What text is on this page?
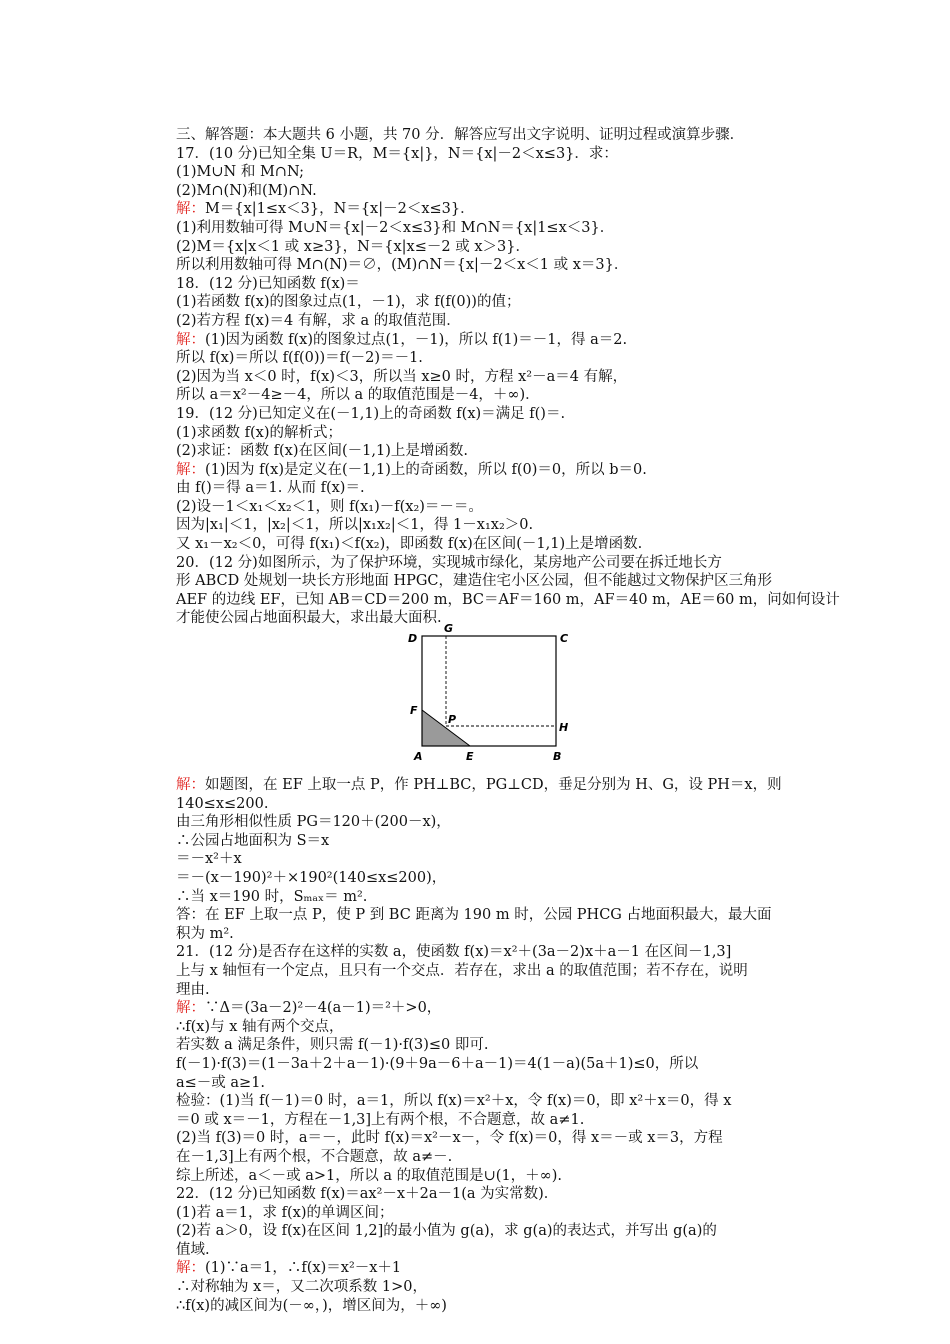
三、解答题：本大题共 6 小题，共 70 分．解答应写出文字说明、证明过程或演算步骤．
17．(10 分)已知全集 U＝R，M＝{x|}，N＝{x|－2＜x≤3}．求：
(1)M∪N 和 M∩N;
(2)M∩(N)和(M)∩N.
解：M＝{x|1≤x＜3}，N＝{x|－2＜x≤3}．
(1)利用数轴可得 M∪N＝{x|－2＜x≤3}和 M∩N＝{x|1≤x＜3}．
(2)M＝{x|x＜1 或 x≥3}，N＝{x|x≤－2 或 x＞3}．
所以利用数轴可得 M∩(N)＝∅，(M)∩N＝{x|－2＜x＜1 或 x＝3}．
18．(12 分)已知函数 f(x)＝
(1)若函数 f(x)的图象过点(1，－1)，求 f(f(0))的值；
(2)若方程 f(x)＝4 有解，求 a 的取值范围．
解：(1)因为函数 f(x)的图象过点(1，－1)，所以 f(1)＝－1，得 a＝2.
所以 f(x)＝所以 f(f(0))＝f(－2)＝－1.
(2)因为当 x＜0 时，f(x)＜3，所以当 x≥0 时，方程 x²－a＝4 有解，
所以 a＝x²－4≥－4，所以 a 的取值范围是－4，＋∞)．
19．(12 分)已知定义在(－1,1)上的奇函数 f(x)＝满足 f()＝.
(1)求函数 f(x)的解析式；
(2)求证：函数 f(x)在区间(－1,1)上是增函数.
解：(1)因为 f(x)是定义在(－1,1)上的奇函数，所以 f(0)＝0，所以 b＝0.
由 f()＝得 a＝1. 从而 f(x)＝.
(2)设－1＜x₁＜x₂＜1，则 f(x₁)－f(x₂)＝－＝。
因为|x₁|＜1，|x₂|＜1，所以|x₁x₂|＜1，得 1－x₁x₂＞0.
又 x₁－x₂＜0，可得 f(x₁)＜f(x₂)，即函数 f(x)在区间(－1,1)上是增函数.
20．(12 分)如图所示，为了保护环境，实现城市绿化，某房地产公司要在拆迁地长方
形 ABCD 处规划一块长方形地面 HPGC，建造住宅小区公园，但不能越过文物保护区三角形
AEF 的边线 EF，已知 AB＝CD＝200 m，BC＝AF＝160 m，AF＝40 m，AE＝60 m，问如何设计
才能使公园占地面积最大，求出最大面积.
D	C
F
P
H
A	E	B
G
解：如题图，在 EF 上取一点 P，作 PH⊥BC，PG⊥CD，垂足分别为 H、G，设 PH＝x，则
140≤x≤200.
由三角形相似性质 PG＝120＋(200－x)，
∴公园占地面积为 S＝x
＝－x²＋x
＝－(x－190)²＋×190²(140≤x≤200)，
∴当 x＝190 时，Sₘₐₓ＝ m².
答：在 EF 上取一点 P，使 P 到 BC 距离为 190 m 时，公园 PHCG 占地面积最大，最大面
积为 m².
21．(12 分)是否存在这样的实数 a，使函数 f(x)＝x²＋(3a－2)x＋a－1 在区间－1,3]
上与 x 轴恒有一个定点，且只有一个交点．若存在，求出 a 的取值范围；若不存在，说明
理由.
解：∵Δ＝(3a－2)²－4(a－1)＝²＋>0，
∴f(x)与 x 轴有两个交点，
若实数 a 满足条件，则只需 f(－1)·f(3)≤0 即可.
f(－1)·f(3)＝(1－3a＋2＋a－1)·(9＋9a－6＋a－1)＝4(1－a)(5a＋1)≤0，所以
a≤－或 a≥1.
检验：(1)当 f(－1)＝0 时，a＝1，所以 f(x)＝x²＋x，令 f(x)＝0，即 x²＋x＝0，得 x
＝0 或 x＝－1，方程在－1,3]上有两个根，不合题意，故 a≠1.
(2)当 f(3)＝0 时，a＝－，此时 f(x)＝x²－x－，令 f(x)＝0，得 x＝－或 x＝3，方程
在－1,3]上有两个根，不合题意，故 a≠－.
综上所述，a＜－或 a>1，所以 a 的取值范围是∪(1，＋∞).
22．(12 分)已知函数 f(x)＝ax²－x＋2a－1(a 为实常数)．
(1)若 a＝1，求 f(x)的单调区间；
(2)若 a＞0，设 f(x)在区间 1,2]的最小值为 g(a)，求 g(a)的表达式，并写出 g(a)的
值域.
解：(1)∵a＝1，∴f(x)＝x²－x＋1
∴对称轴为 x＝，又二次项系数 1>0，
∴f(x)的减区间为(－∞，)，增区间为，＋∞)
